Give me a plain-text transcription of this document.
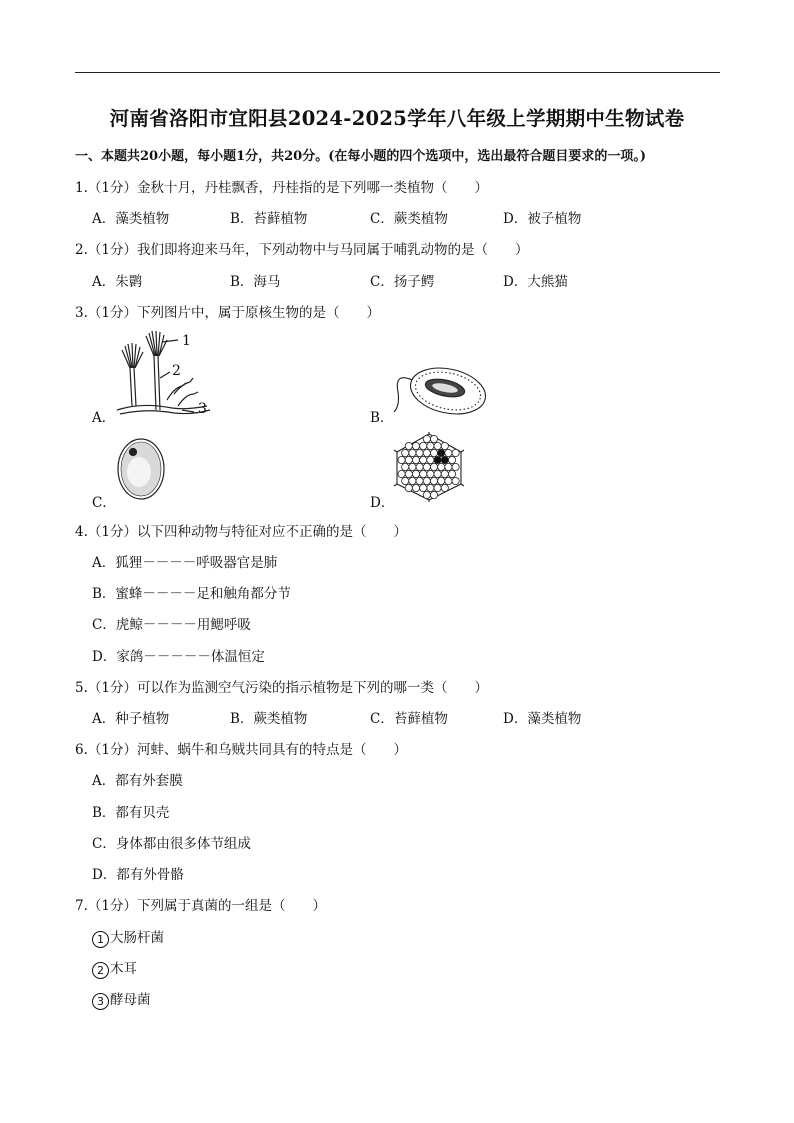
河南省洛阳市宜阳县2024-2025学年八年级上学期期中生物试卷
一、本题共20小题，每小题1分，共20分。(在每小题的四个选项中，选出最符合题目要求的一项。)
1.（1分）金秋十月，丹桂飘香，丹桂指的是下列哪一类植物（　　）
A．藻类植物	B．苔藓植物	C．蕨类植物	D．被子植物
2.（1分）我们即将迎来马年，下列动物中与马同属于哺乳动物的是（　　）
A．朱鹮	B．海马	C．扬子鳄	D．大熊猫
3.（1分）下列图片中，属于原核生物的是（　　）
1
2
3
A．	B．
C．	D．
4.（1分）以下四种动物与特征对应不正确的是（　　）
A．狐狸－－－－呼吸器官是肺
B．蜜蜂－－－－足和触角都分节
C．虎鲸－－－－用鳃呼吸
D．家鸽－－－－－体温恒定
5.（1分）可以作为监测空气污染的指示植物是下列的哪一类（　　）
A．种子植物	B．蕨类植物	C．苔藓植物	D．藻类植物
6.（1分）河蚌、蜗牛和乌贼共同具有的特点是（　　）
A．都有外套膜
B．都有贝壳
C．身体都由很多体节组成
D．都有外骨骼
7.（1分）下列属于真菌的一组是（　　）
1 大肠杆菌
2 木耳
3 酵母菌
